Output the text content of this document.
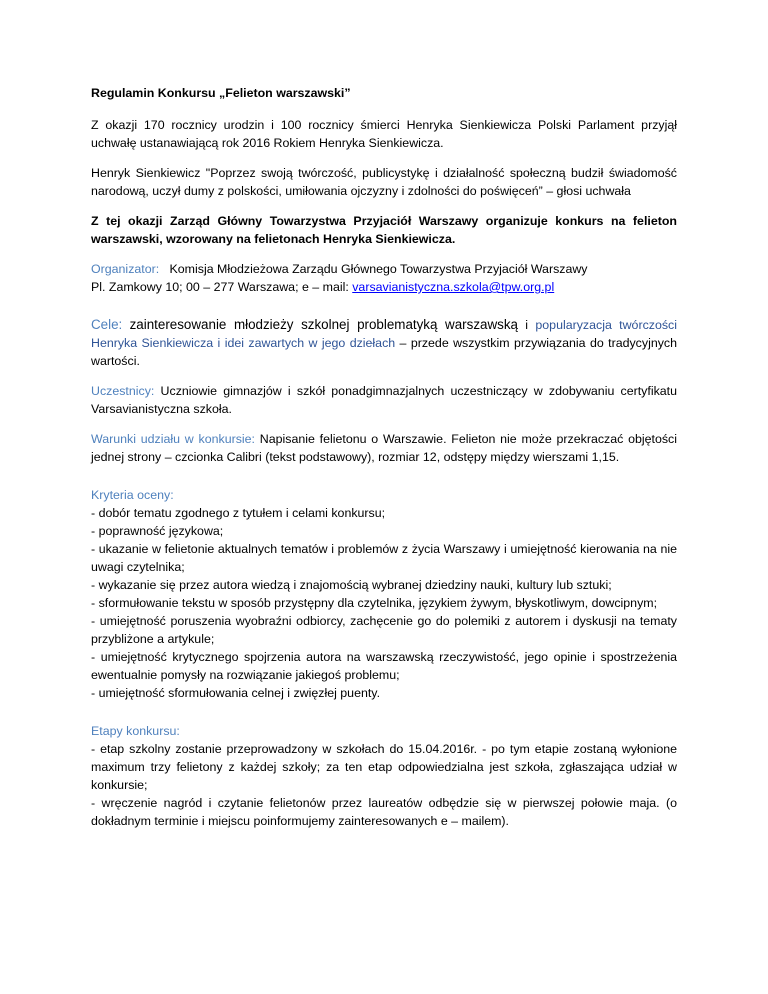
Regulamin Konkursu „Felieton warszawski”

Z okazji 170 rocznicy urodzin i 100 rocznicy śmierci Henryka Sienkiewicza Polski Parlament przyjął uchwałę ustanawiającą rok 2016 Rokiem Henryka Sienkiewicza.

Henryk Sienkiewicz "Poprzez swoją twórczość, publicystykę i działalność społeczną budził świadomość narodową, uczył dumy z polskości, umiłowania ojczyzny i zdolności do poświęceń” – głosi uchwała

Z tej okazji Zarząd Główny Towarzystwa Przyjaciół Warszawy organizuje konkurs na felieton warszawski, wzorowany na felietonach Henryka Sienkiewicza.

Organizator: Komisja Młodzieżowa Zarządu Głównego Towarzystwa Przyjaciół Warszawy

Pl. Zamkowy 10; 00 – 277 Warszawa; e – mail: varsavianistyczna.szkola@tpw.org.pl

Cele: zainteresowanie młodzieży szkolnej problematyką warszawską i popularyzacja twórczości Henryka Sienkiewicza i idei zawartych w jego dziełach – przede wszystkim przywiązania do tradycyjnych wartości.

Uczestnicy: Uczniowie gimnazjów i szkół ponadgimnazjalnych uczestniczący w zdobywaniu certyfikatu Varsavianistyczna szkoła.

Warunki udziału w konkursie: Napisanie felietonu o Warszawie. Felieton nie może przekraczać objętości jednej strony – czcionka Calibri (tekst podstawowy), rozmiar 12, odstępy między wierszami 1,15.

Kryteria oceny:

- dobór tematu zgodnego z tytułem i celami konkursu;

- poprawność językowa;

- ukazanie w felietonie aktualnych tematów i problemów z życia Warszawy i umiejętność kierowania na nie uwagi czytelnika;

- wykazanie się przez autora wiedzą i znajomością wybranej dziedziny nauki, kultury lub sztuki;

- sformułowanie tekstu w sposób przystępny dla czytelnika, językiem żywym, błyskotliwym, dowcipnym;

- umiejętność poruszenia wyobraźni odbiorcy, zachęcenie go do polemiki z autorem i dyskusji na tematy przybliżone a artykule;

- umiejętność krytycznego spojrzenia autora na warszawską rzeczywistość, jego opinie i spostrzeżenia ewentualnie pomysły na rozwiązanie jakiegoś problemu;

- umiejętność sformułowania celnej i zwięzłej puenty.

Etapy konkursu:

- etap szkolny zostanie przeprowadzony w szkołach do 15.04.2016r. - po tym etapie zostaną wyłonione maximum trzy felietony z każdej szkoły; za ten etap odpowiedzialna jest szkoła, zgłaszająca udział w konkursie;

- wręczenie nagród i czytanie felietonów przez laureatów odbędzie się w pierwszej połowie maja. (o dokładnym terminie i miejscu poinformujemy zainteresowanych e – mailem).
